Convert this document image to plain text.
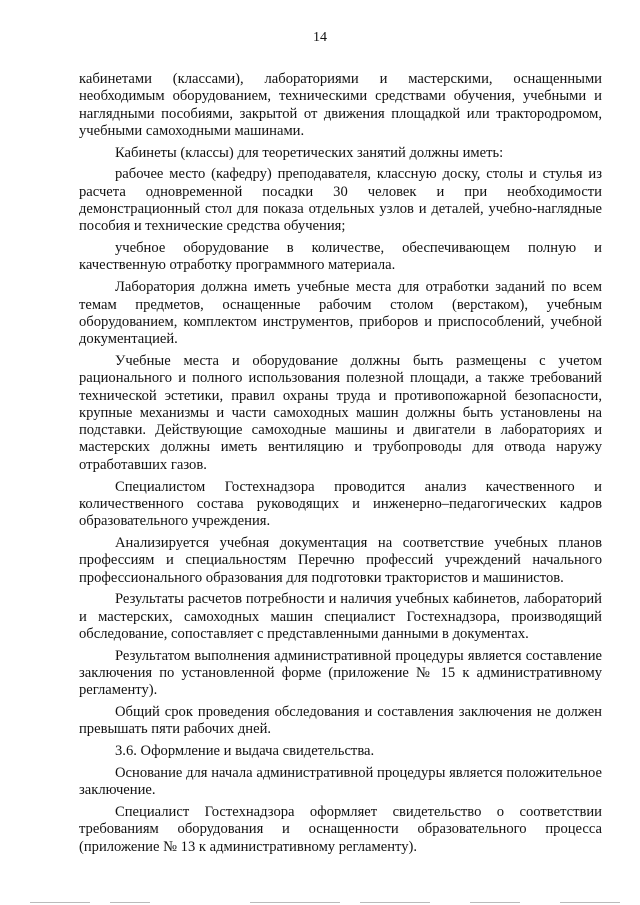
14

кабинетами (классами), лабораториями и мастерскими, оснащенными необходимым оборудованием, техническими средствами обучения, учебными и наглядными пособиями, закрытой от движения площадкой или трактородромом, учебными самоходными машинами.

Кабинеты (классы) для теоретических занятий должны иметь:

рабочее место (кафедру) преподавателя, классную доску, столы и стулья из расчета одновременной посадки 30 человек и при необходимости демонстрационный стол для показа отдельных узлов и деталей, учебно-наглядные пособия и технические средства обучения;

учебное оборудование в количестве, обеспечивающем полную и качественную отработку программного материала.

Лаборатория должна иметь учебные места для отработки заданий по всем темам предметов, оснащенные рабочим столом (верстаком), учебным оборудованием, комплектом инструментов, приборов и приспособлений, учебной документацией.

Учебные места и оборудование должны быть размещены с учетом рационального и полного использования полезной площади, а также требований технической эстетики, правил охраны труда и противопожарной безопасности, крупные механизмы и части самоходных машин должны быть установлены на подставки. Действующие самоходные машины и двигатели в лабораториях и мастерских должны иметь вентиляцию и трубопроводы для отвода наружу отработавших газов.

Специалистом Гостехнадзора проводится анализ качественного и количественного состава руководящих и инженерно–педагогических кадров образовательного учреждения.

Анализируется учебная документация на соответствие учебных планов профессиям и специальностям Перечню профессий учреждений начального профессионального образования для подготовки трактористов и машинистов.

Результаты расчетов потребности и наличия учебных кабинетов, лабораторий и мастерских, самоходных машин специалист Гостехнадзора, производящий обследование, сопоставляет с представленными данными в документах.

Результатом выполнения административной процедуры является составление заключения по установленной форме (приложение № 15 к административному регламенту).

Общий срок проведения обследования и составления заключения не должен превышать пяти рабочих дней.

3.6. Оформление и выдача свидетельства.

Основание для начала административной процедуры является положительное заключение.

Специалист Гостехнадзора оформляет свидетельство о соответствии требованиям оборудования и оснащенности образовательного процесса (приложение № 13 к административному регламенту).
